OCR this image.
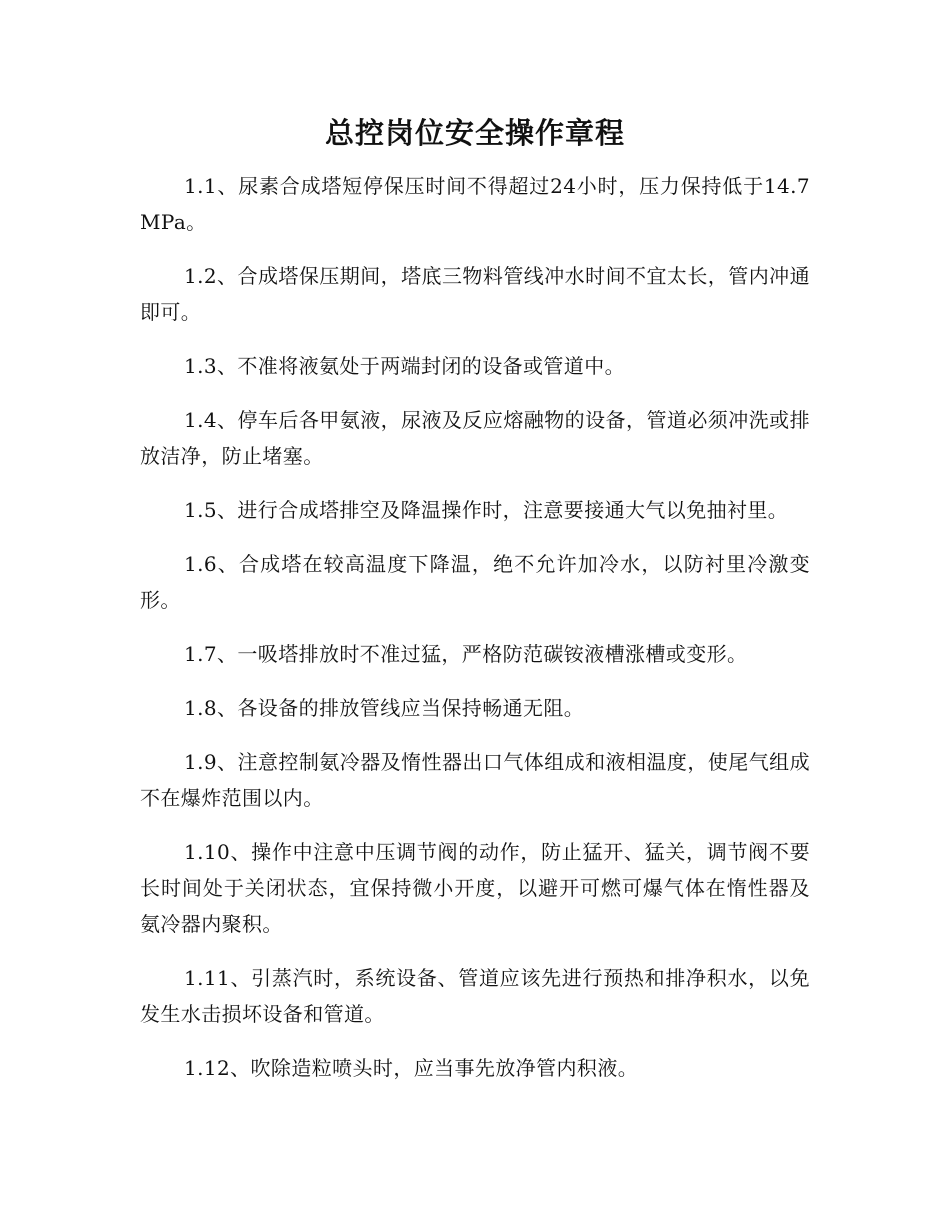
总控岗位安全操作章程

1.1、尿素合成塔短停保压时间不得超过24小时，压力保持低于14.7MPa。

1.2、合成塔保压期间，塔底三物料管线冲水时间不宜太长，管内冲通即可。

1.3、不准将液氨处于两端封闭的设备或管道中。

1.4、停车后各甲氨液，尿液及反应熔融物的设备，管道必须冲洗或排放洁净，防止堵塞。

1.5、进行合成塔排空及降温操作时，注意要接通大气以免抽衬里。

1.6、合成塔在较高温度下降温，绝不允许加冷水，以防衬里冷激变形。

1.7、一吸塔排放时不准过猛，严格防范碳铵液槽涨槽或变形。

1.8、各设备的排放管线应当保持畅通无阻。

1.9、注意控制氨冷器及惰性器出口气体组成和液相温度，使尾气组成不在爆炸范围以内。

1.10、操作中注意中压调节阀的动作，防止猛开、猛关，调节阀不要长时间处于关闭状态，宜保持微小开度，以避开可燃可爆气体在惰性器及氨冷器内聚积。

1.11、引蒸汽时，系统设备、管道应该先进行预热和排净积水，以免发生水击损坏设备和管道。

1.12、吹除造粒喷头时，应当事先放净管内积液。
